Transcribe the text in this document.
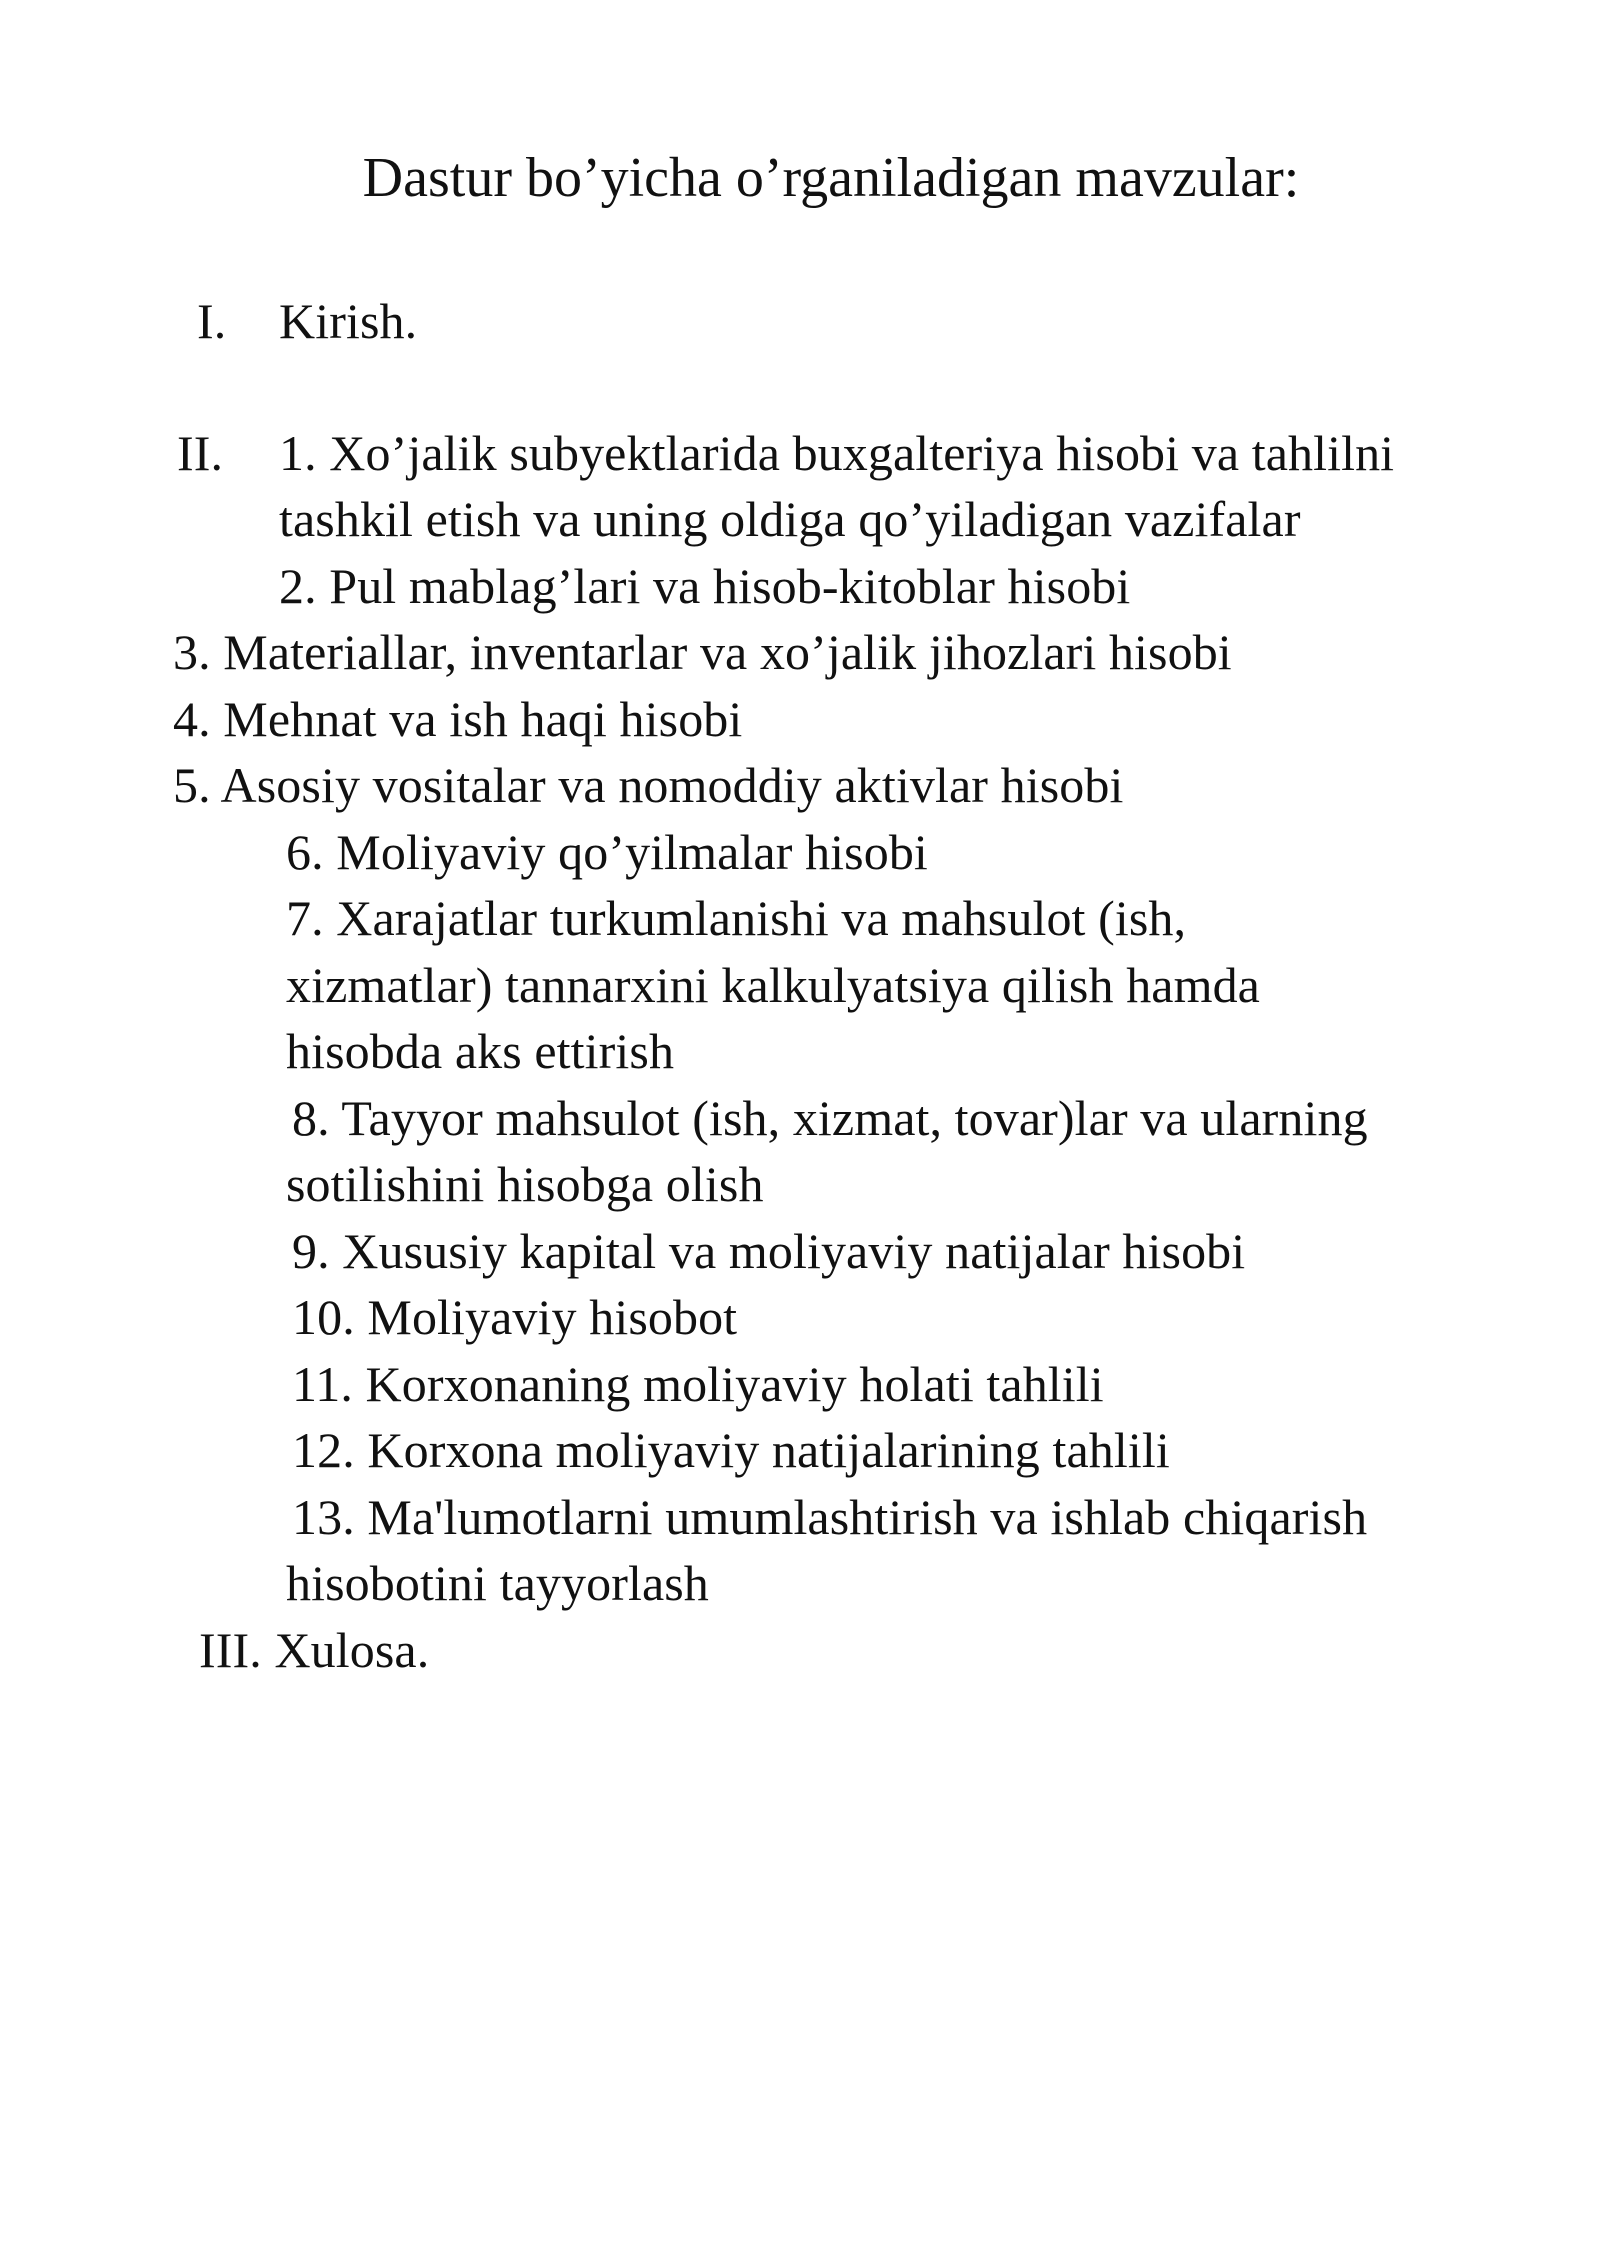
Dastur bo’yicha o’rganiladigan mavzular:
I. Kirish.
II. 1. Xo’jalik subyektlarida buxgalteriya hisobi va tahlilni
tashkil etish va uning oldiga qo’yiladigan vazifalar
2. Pul mablag’lari va hisob-kitoblar hisobi
3. Materiallar, inventarlar va xo’jalik jihozlari hisobi
4. Mehnat va ish haqi hisobi
5. Asosiy vositalar va nomoddiy aktivlar hisobi
6. Moliyaviy qo’yilmalar hisobi
7. Xarajatlar turkumlanishi va mahsulot (ish,
xizmatlar) tannarxini kalkulyatsiya qilish hamda
hisobda aks ettirish
8. Tayyor mahsulot (ish, xizmat, tovar)lar va ularning
sotilishini hisobga olish
9. Xususiy kapital va moliyaviy natijalar hisobi
10. Moliyaviy hisobot
11. Korxonaning moliyaviy holati tahlili
12. Korxona moliyaviy natijalarining tahlili
13. Ma'lumotlarni umumlashtirish va ishlab chiqarish
hisobotini tayyorlash
III. Xulosa.
